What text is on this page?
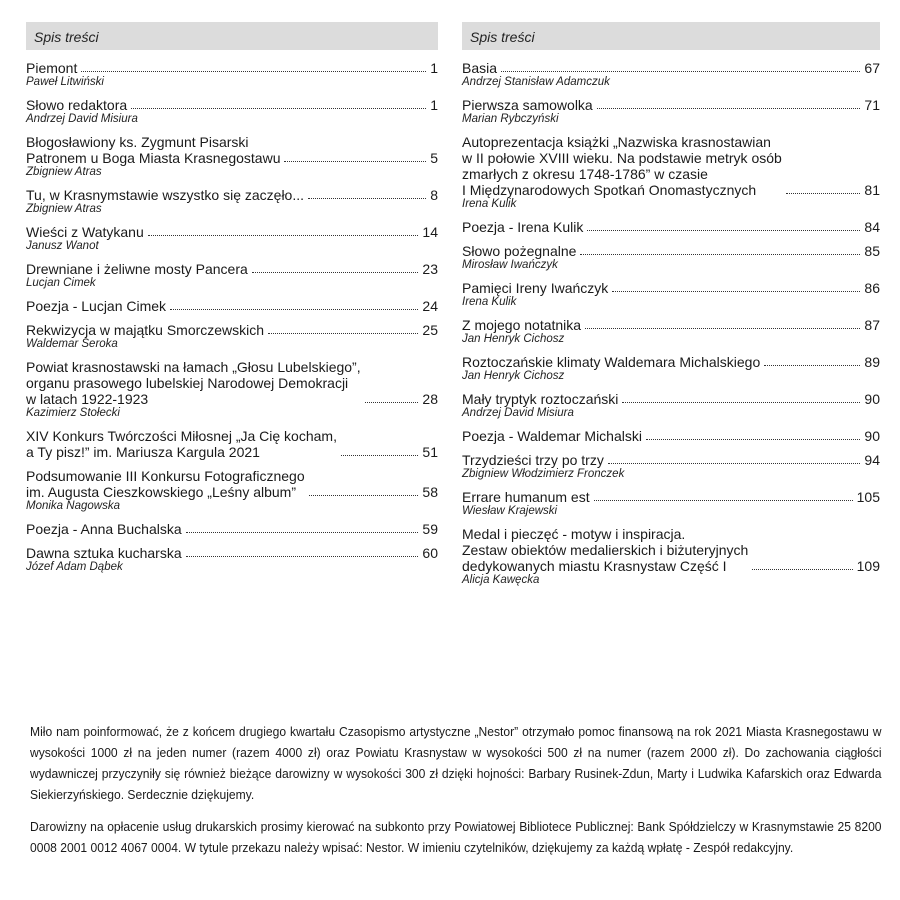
Spis treści
Piemont	1
Paweł Litwiński
Słowo redaktora	1
Andrzej David Misiura
Błogosławiony ks. Zygmunt Pisarski
Patronem u Boga Miasta Krasnegostawu	5
Zbigniew Atras
Tu, w Krasnymstawie wszystko się zaczęło...	8
Zbigniew Atras
Wieści z Watykanu	14
Janusz Wanot
Drewniane i żeliwne mosty Pancera	23
Lucjan Cimek
Poezja - Lucjan Cimek	24
Rekwizycja w majątku Smorczewskich	25
Waldemar Seroka
Powiat krasnostawski na łamach „Głosu Lubelskiego”,
organu prasowego lubelskiej Narodowej Demokracji
w latach 1922-1923	28
Kazimierz Stołecki
XIV Konkurs Twórczości Miłosnej „Ja Cię kocham,
a Ty pisz!” im. Mariusza Kargula 2021	51
Podsumowanie III Konkursu Fotograficznego
im. Augusta Cieszkowskiego „Leśny album”	58
Monika Nagowska
Poezja - Anna Buchalska	59
Dawna sztuka kucharska	60
Józef Adam Dąbek
Spis treści
Basia	67
Andrzej Stanisław Adamczuk
Pierwsza samowolka	71
Marian Rybczyński
Autoprezentacja książki „Nazwiska krasnostawian
w II połowie XVIII wieku. Na podstawie metryk osób
zmarłych z okresu 1748-1786” w czasie
I Międzynarodowych Spotkań Onomastycznych	81
Irena Kulik
Poezja - Irena Kulik	84
Słowo pożegnalne	85
Mirosław Iwańczyk
Pamięci Ireny Iwańczyk	86
Irena Kulik
Z mojego notatnika	87
Jan Henryk Cichosz
Roztoczańskie klimaty Waldemara Michalskiego	89
Jan Henryk Cichosz
Mały tryptyk roztoczański	90
Andrzej David Misiura
Poezja - Waldemar Michalski	90
Trzydzieści trzy po trzy	94
Zbigniew Włodzimierz Fronczek
Errare humanum est	105
Wiesław Krajewski
Medal i pieczęć - motyw i inspiracja.
Zestaw obiektów medalierskich i biżuteryjnych
dedykowanych miastu Krasnystaw Część I	109
Alicja Kawęcka

Miło nam poinformować, że z końcem drugiego kwartału Czasopismo artystyczne „Nestor” otrzymało pomoc finansową na rok 2021 Miasta Krasnegostawu w wysokości 1000 zł na jeden numer (razem 4000 zł) oraz Powiatu Krasnystaw w wysokości 500 zł na numer (razem 2000 zł). Do zachowania ciągłości wydawniczej przyczyniły się również bieżące darowizny w wysokości 300 zł dzięki hojności: Barbary Rusinek-Zdun, Marty i Ludwika Kafarskich oraz Edwarda Siekierzyńskiego. Serdecznie dziękujemy.

Darowizny na opłacenie usług drukarskich prosimy kierować na subkonto przy Powiatowej Bibliotece Publicznej: Bank Spółdzielczy w Krasnymstawie 25 8200 0008 2001 0012 4067 0004. W tytule przekazu należy wpisać: Nestor. W imieniu czytelników, dziękujemy za każdą wpłatę - Zespół redakcyjny.
